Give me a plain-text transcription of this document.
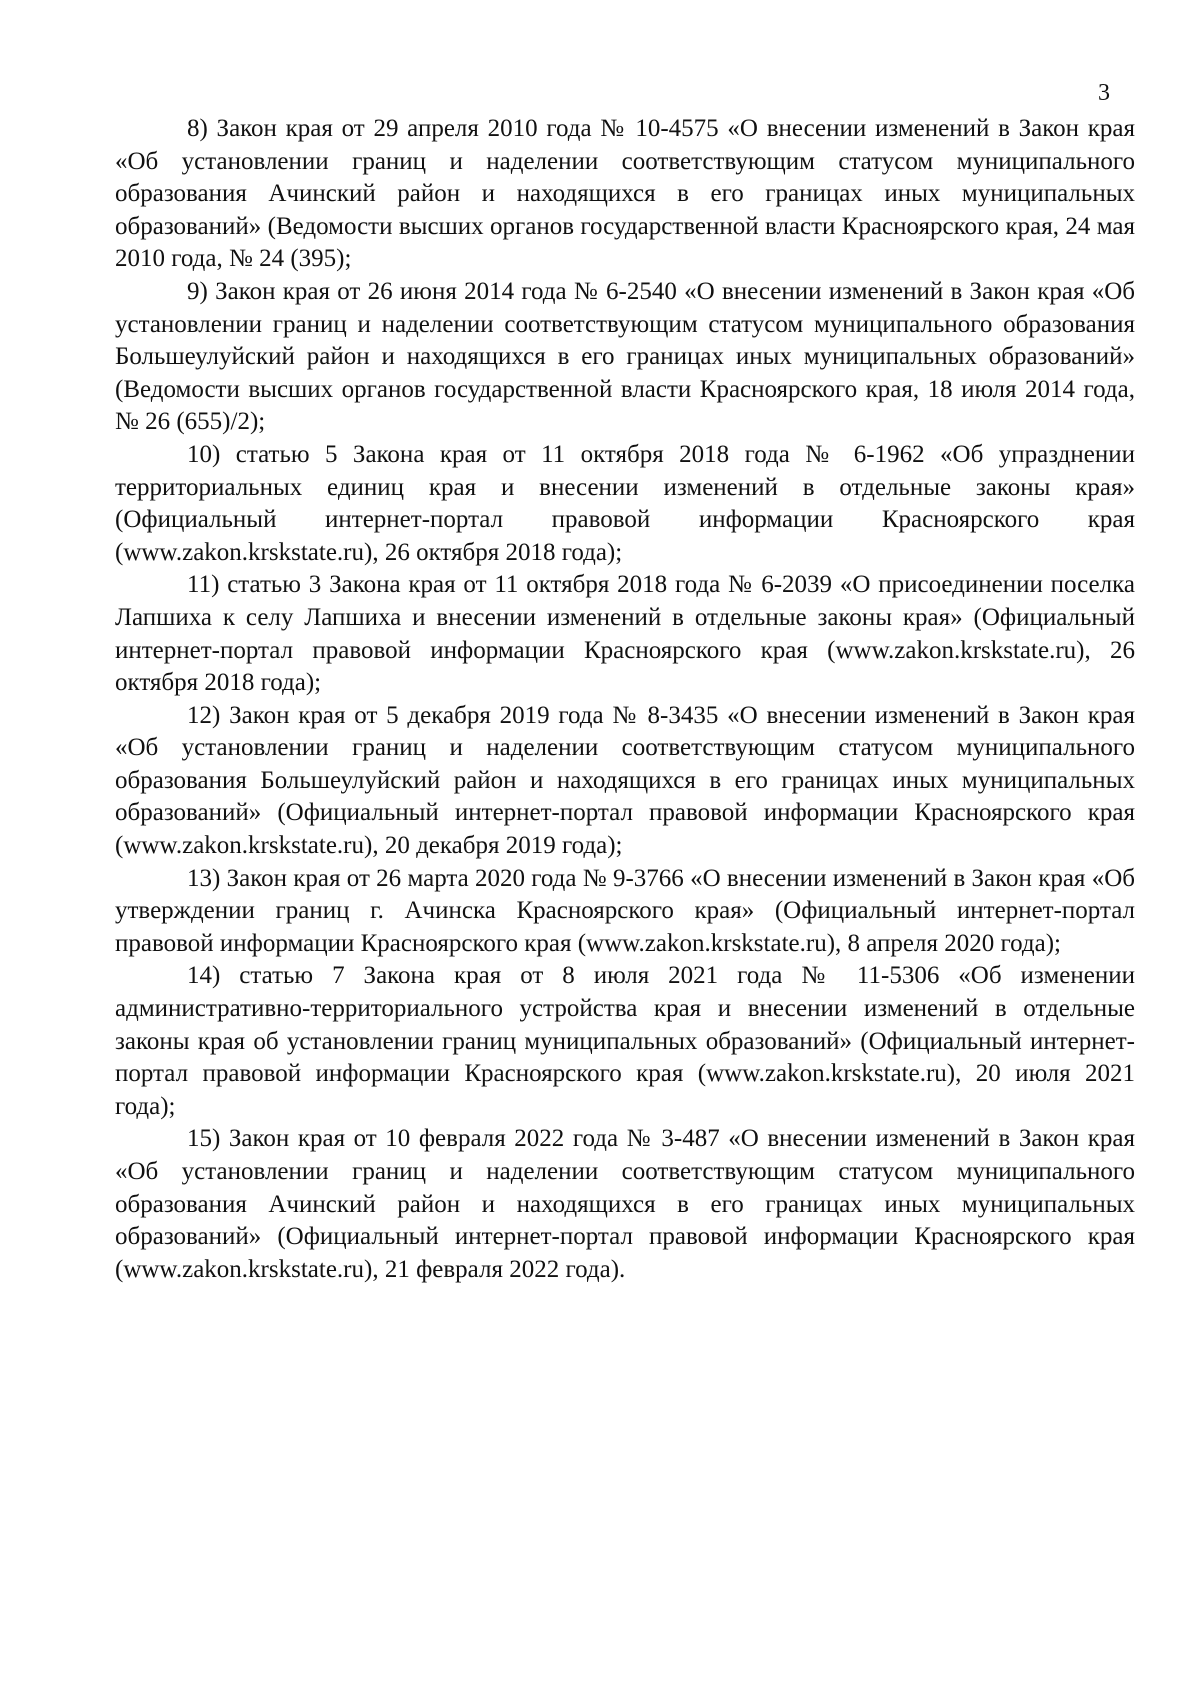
3

8) Закон края от 29 апреля 2010 года № 10-4575 «О внесении изменений в Закон края «Об установлении границ и наделении соответствующим статусом муниципального образования Ачинский район и находящихся в его границах иных муниципальных образований» (Ведомости высших органов государственной власти Красноярского края, 24 мая 2010 года, № 24 (395);

9) Закон края от 26 июня 2014 года № 6-2540 «О внесении изменений в Закон края «Об установлении границ и наделении соответствующим статусом муниципального образования Большеулуйский район и находящихся в его границах иных муниципальных образований» (Ведомости высших органов государственной власти Красноярского края, 18 июля 2014 года, № 26 (655)/2);

10) статью 5 Закона края от 11 октября 2018 года № 6-1962 «Об упразднении территориальных единиц края и внесении изменений в отдельные законы края» (Официальный интернет-портал правовой информации Красноярского края (www.zakon.krskstate.ru), 26 октября 2018 года);

11) статью 3 Закона края от 11 октября 2018 года № 6-2039 «О присоединении поселка Лапшиха к селу Лапшиха и внесении изменений в отдельные законы края» (Официальный интернет-портал правовой информации Красноярского края (www.zakon.krskstate.ru), 26 октября 2018 года);

12) Закон края от 5 декабря 2019 года № 8-3435 «О внесении изменений в Закон края «Об установлении границ и наделении соответствующим статусом муниципального образования Большеулуйский район и находящихся в его границах иных муниципальных образований» (Официальный интернет-портал правовой информации Красноярского края (www.zakon.krskstate.ru), 20 декабря 2019 года);

13) Закон края от 26 марта 2020 года № 9-3766 «О внесении изменений в Закон края «Об утверждении границ г. Ачинска Красноярского края» (Официальный интернет-портал правовой информации Красноярского края (www.zakon.krskstate.ru), 8 апреля 2020 года);

14) статью 7 Закона края от 8 июля 2021 года № 11-5306 «Об изменении административно-территориального устройства края и внесении изменений в отдельные законы края об установлении границ муниципальных образований» (Официальный интернет-портал правовой информации Красноярского края (www.zakon.krskstate.ru), 20 июля 2021 года);

15) Закон края от 10 февраля 2022 года № 3-487 «О внесении изменений в Закон края «Об установлении границ и наделении соответствующим статусом муниципального образования Ачинский район и находящихся в его границах иных муниципальных образований» (Официальный интернет-портал правовой информации Красноярского края (www.zakon.krskstate.ru), 21 февраля 2022 года).
